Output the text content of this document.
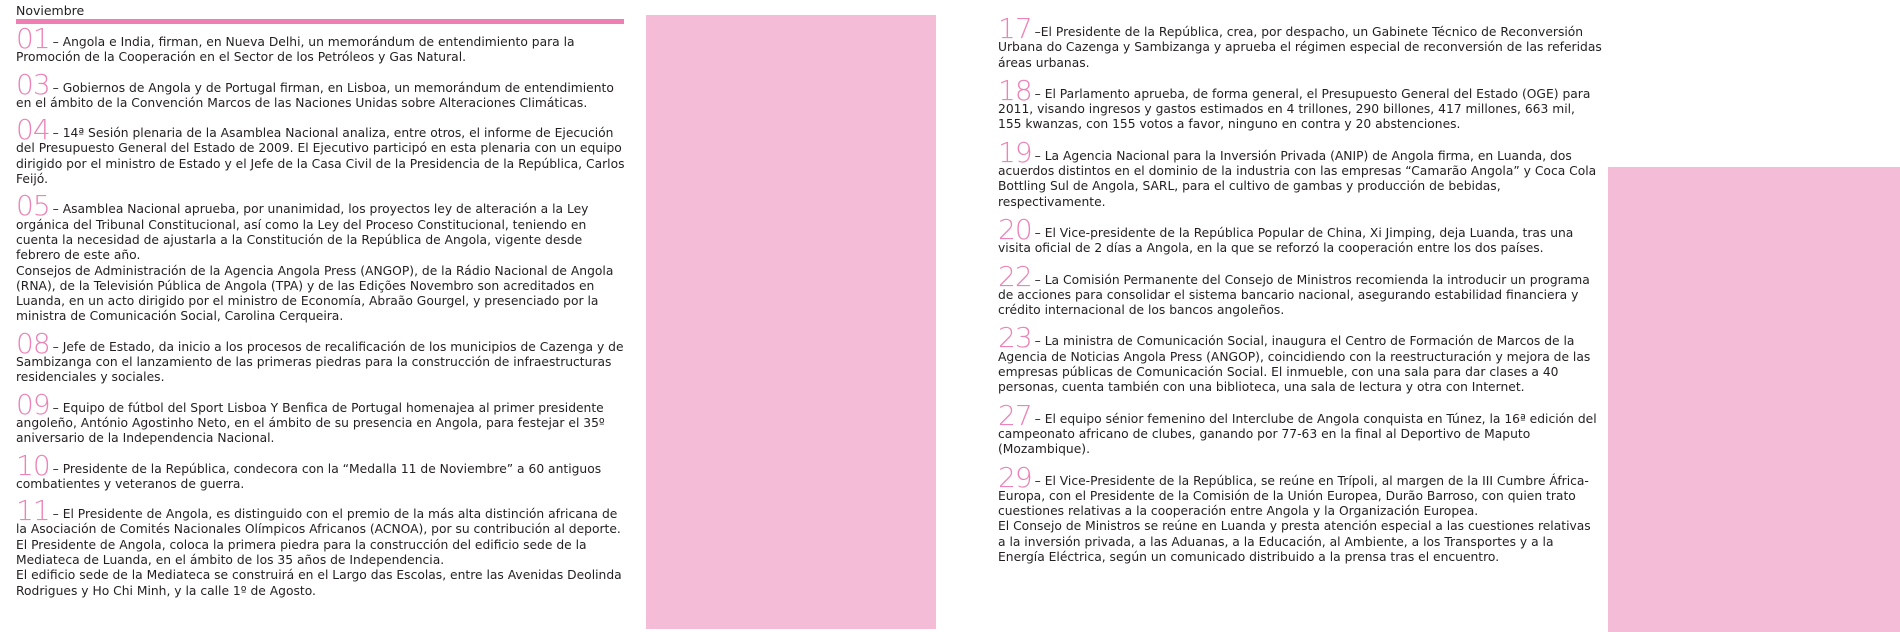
Noviembre
01 – Angola e India, firman, en Nueva Delhi, un memorándum de entendimiento para la Promoción de la Cooperación en el Sector de los Petróleos y Gas Natural.
03 – Gobiernos de Angola y de Portugal firman, en Lisboa, un memorándum de entendimiento en el ámbito de la Convención Marcos de las Naciones Unidas sobre Alteraciones Climáticas.
04 – 14ª Sesión plenaria de la Asamblea Nacional analiza, entre otros, el informe de Ejecución del Presupuesto General del Estado de 2009. El Ejecutivo participó en esta plenaria con un equipo dirigido por el ministro de Estado y el Jefe de la Casa Civil de la Presidencia de la República, Carlos Feijó.
05 – Asamblea Nacional aprueba, por unanimidad, los proyectos ley de alteración a la Ley orgánica del Tribunal Constitucional, así como la Ley del Proceso Constitucional, teniendo en cuenta la necesidad de ajustarla a la Constitución de la República de Angola, vigente desde febrero de este año.
Consejos de Administración de la Agencia Angola Press (ANGOP), de la Rádio Nacional de Angola (RNA), de la Televisión Pública de Angola (TPA) y de las Edições Novembro son acreditados en Luanda, en un acto dirigido por el ministro de Economía, Abraão Gourgel, y presenciado por la ministra de Comunicación Social, Carolina Cerqueira.
08 – Jefe de Estado, da inicio a los procesos de recalificación de los municipios de Cazenga y de Sambizanga con el lanzamiento de las primeras piedras para la construcción de infraestructuras residenciales y sociales.
09 – Equipo de fútbol del Sport Lisboa Y Benfica de Portugal homenajea al primer presidente angoleño, António Agostinho Neto, en el ámbito de su presencia en Angola, para festejar el 35º aniversario de la Independencia Nacional.
10 – Presidente de la República, condecora con la “Medalla 11 de Noviembre” a 60 antiguos combatientes y veteranos de guerra.
11 – El Presidente de Angola, es distinguido con el premio de la más alta distinción africana de la Asociación de Comités Nacionales Olímpicos Africanos (ACNOA), por su contribución al deporte.
El Presidente de Angola, coloca la primera piedra para la construcción del edificio sede de la Mediateca de Luanda, en el ámbito de los 35 años de Independencia.
El edificio sede de la Mediateca se construirá en el Largo das Escolas, entre las Avenidas Deolinda Rodrigues y Ho Chi Minh, y la calle 1º de Agosto.
17 –El Presidente de la República, crea, por despacho, un Gabinete Técnico de Reconversión Urbana do Cazenga y Sambizanga y aprueba el régimen especial de reconversión de las referidas áreas urbanas.
18 – El Parlamento aprueba, de forma general, el Presupuesto General del Estado (OGE) para 2011, visando ingresos y gastos estimados en 4 trillones, 290 billones, 417 millones, 663 mil, 155 kwanzas, con 155 votos a favor, ninguno en contra y 20 abstenciones.
19 – La Agencia Nacional para la Inversión Privada (ANIP) de Angola firma, en Luanda, dos acuerdos distintos en el dominio de la industria con las empresas “Camarão Angola” y Coca Cola Bottling Sul de Angola, SARL, para el cultivo de gambas y producción de bebidas, respectivamente.
20 – El Vice-presidente de la República Popular de China, Xi Jimping, deja Luanda, tras una visita oficial de 2 días a Angola, en la que se reforzó la cooperación entre los dos países.
22 – La Comisión Permanente del Consejo de Ministros recomienda la introducir un programa de acciones para consolidar el sistema bancario nacional, asegurando estabilidad financiera y crédito internacional de los bancos angoleños.
23 – La ministra de Comunicación Social, inaugura el Centro de Formación de Marcos de la Agencia de Noticias Angola Press (ANGOP), coincidiendo con la reestructuración y mejora de las empresas públicas de Comunicación Social. El inmueble, con una sala para dar clases a 40 personas, cuenta también con una biblioteca, una sala de lectura y otra con Internet.
27 – El equipo sénior femenino del Interclube de Angola conquista en Túnez, la 16ª edición del campeonato africano de clubes, ganando por 77-63 en la final al Deportivo de Maputo (Mozambique).
29 – El Vice-Presidente de la República, se reúne en Trípoli, al margen de la III Cumbre África-Europa, con el Presidente de la Comisión de la Unión Europea, Durão Barroso, con quien trato cuestiones relativas a la cooperación entre Angola y la Organización Europea.
El Consejo de Ministros se reúne en Luanda y presta atención especial a las cuestiones relativas a la inversión privada, a las Aduanas, a la Educación, al Ambiente, a los Transportes y a la Energía Eléctrica, según un comunicado distribuido a la prensa tras el encuentro.
